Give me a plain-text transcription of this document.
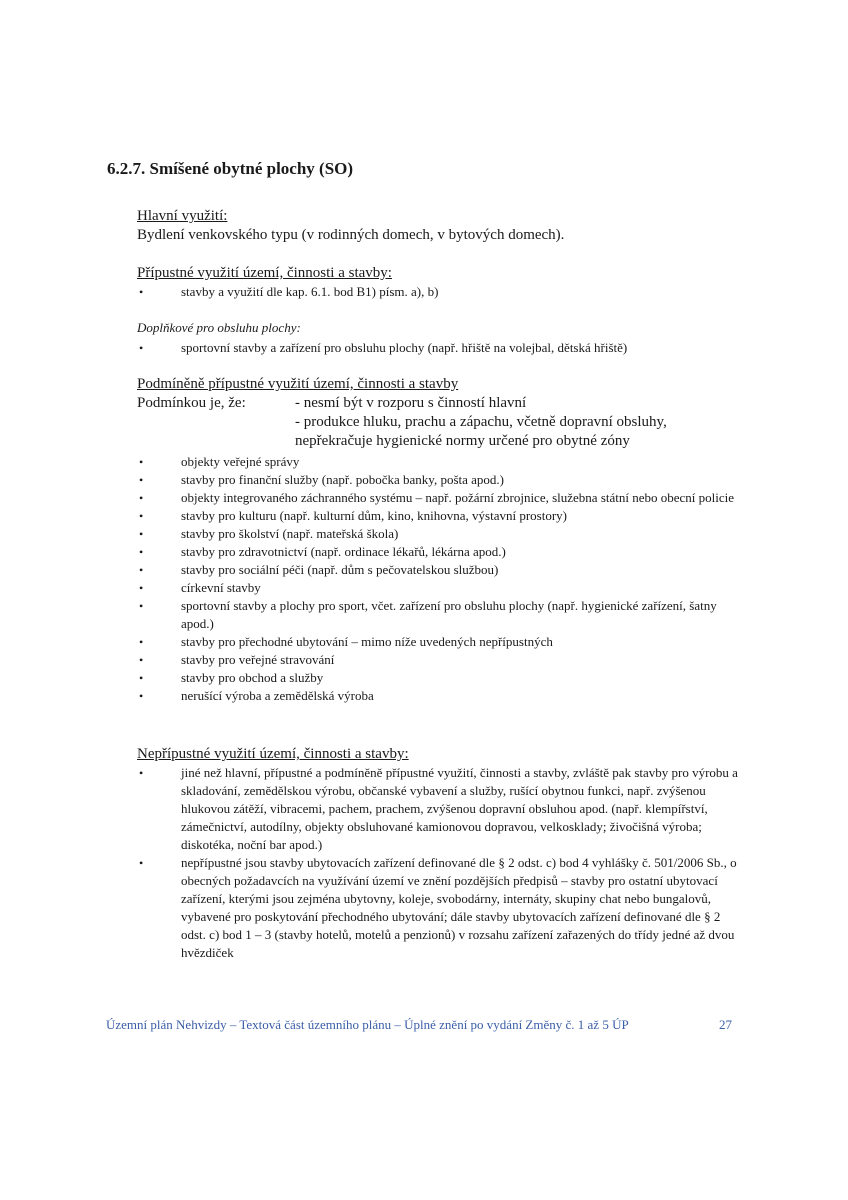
6.2.7. Smíšené obytné plochy (SO)

Hlavní využití:

Bydlení venkovského typu (v rodinných domech, v bytových domech).

Přípustné využití území, činnosti a stavby:

•	stavby a využití dle kap. 6.1. bod B1) písm. a), b)

Doplňkové pro obsluhu plochy:

•	sportovní stavby a zařízení pro obsluhu plochy (např. hřiště na volejbal, dětská hřiště)

Podmíněně přípustné využití území, činnosti a stavby

Podmínkou je, že:	- nesmí být v rozporu s činností hlavní
- produkce hluku, prachu a zápachu, včetně dopravní obsluhy,
nepřekračuje hygienické normy určené pro obytné zóny
•	objekty veřejné správy
•	stavby pro finanční služby (např. pobočka banky, pošta apod.)
•	objekty integrovaného záchranného systému – např. požární zbrojnice, služebna státní nebo obecní policie
•	stavby pro kulturu (např. kulturní dům, kino, knihovna, výstavní prostory)
•	stavby pro školství (např. mateřská škola)
•	stavby pro zdravotnictví (např. ordinace lékařů, lékárna apod.)
•	stavby pro sociální péči (např. dům s pečovatelskou službou)
•	církevní stavby
•	sportovní stavby a plochy pro sport, včet. zařízení pro obsluhu plochy (např. hygienické zařízení, šatny apod.)
•	stavby pro přechodné ubytování – mimo níže uvedených nepřípustných
•	stavby pro veřejné stravování
•	stavby pro obchod a služby
•	nerušící výroba a zemědělská výroba

Nepřípustné využití území, činnosti a stavby:

•	jiné než hlavní, přípustné a podmíněně přípustné využití, činnosti a stavby, zvláště pak stavby pro výrobu a skladování, zemědělskou výrobu, občanské vybavení a služby, rušící obytnou funkci, např. zvýšenou hlukovou zátěží, vibracemi, pachem, prachem, zvýšenou dopravní obsluhou apod. (např. klempířství, zámečnictví, autodílny, objekty obsluhované kamionovou dopravou, velkosklady; živočišná výroba; diskotéka, noční bar apod.)
•	nepřípustné jsou stavby ubytovacích zařízení definované dle § 2 odst. c) bod 4 vyhlášky č. 501/2006 Sb., o obecných požadavcích na využívání území ve znění pozdějších předpisů – stavby pro ostatní ubytovací zařízení, kterými jsou zejména ubytovny, koleje, svobodárny, internáty, skupiny chat nebo bungalovů, vybavené pro poskytování přechodného ubytování; dále stavby ubytovacích zařízení definované dle § 2 odst. c) bod 1 – 3 (stavby hotelů, motelů a penzionů) v rozsahu zařízení zařazených do třídy jedné až dvou hvězdiček
Územní plán Nehvizdy – Textová část územního plánu – Úplné znění po vydání Změny č. 1 až 5 ÚP	27
